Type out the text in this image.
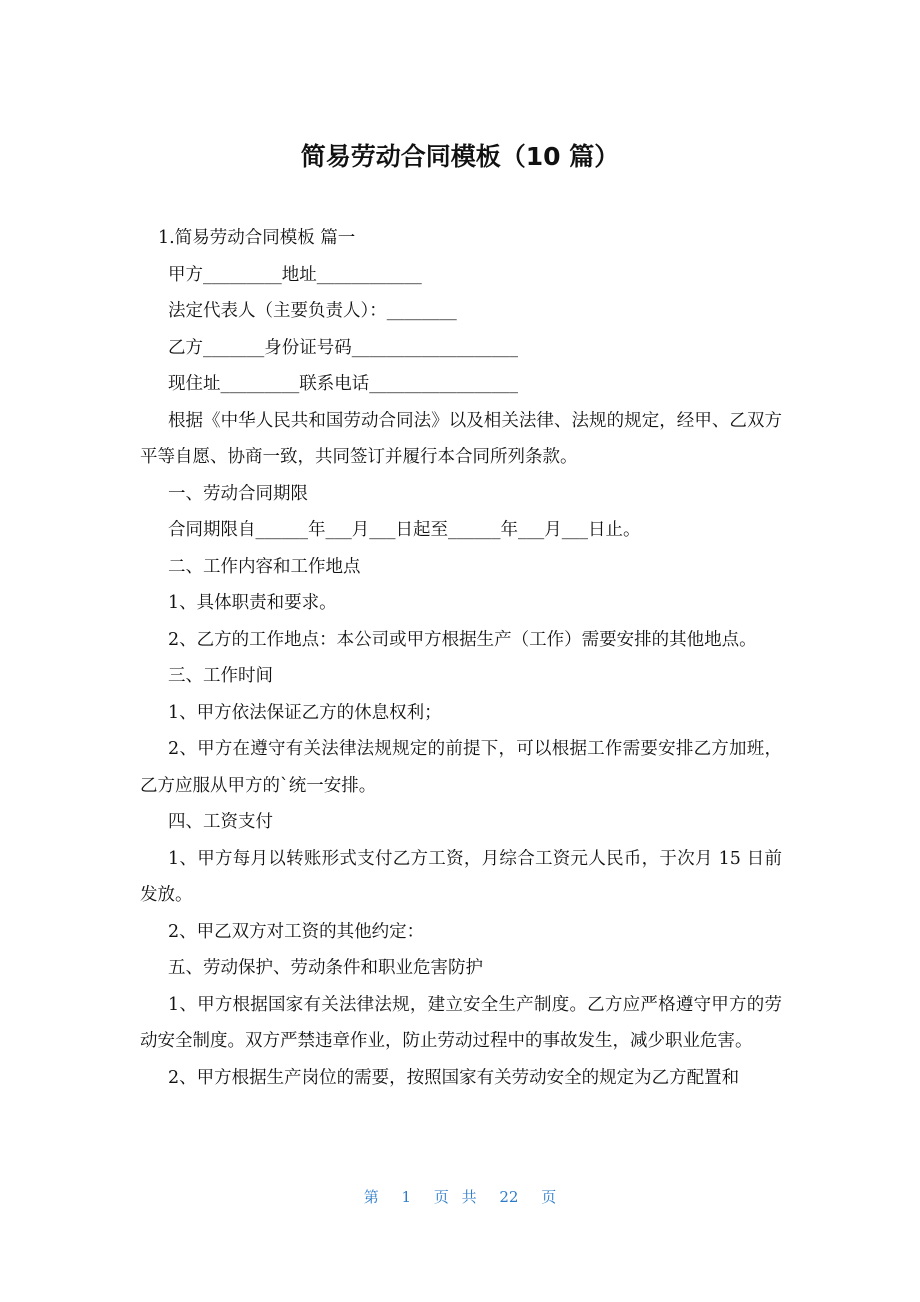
简易劳动合同模板（10 篇）

1.简易劳动合同模板 篇一

甲方_________地址____________

法定代表人（主要负责人）：________

乙方_______身份证号码___________________

现住址_________联系电话_________________

根据《中华人民共和国劳动合同法》以及相关法律、法规的规定，经甲、乙双方平等自愿、协商一致，共同签订并履行本合同所列条款。

一、劳动合同期限

合同期限自______年___月___日起至______年___月___日止。

二、工作内容和工作地点

1、具体职责和要求。

2、乙方的工作地点：本公司或甲方根据生产（工作）需要安排的其他地点。

三、工作时间

1、甲方依法保证乙方的休息权利；

2、甲方在遵守有关法律法规规定的前提下，可以根据工作需要安排乙方加班，乙方应服从甲方的`统一安排。

四、工资支付

1、甲方每月以转账形式支付乙方工资，月综合工资元人民币，于次月 15 日前发放。

2、甲乙双方对工资的其他约定：

五、劳动保护、劳动条件和职业危害防护

1、甲方根据国家有关法律法规，建立安全生产制度。乙方应严格遵守甲方的劳动安全制度。双方严禁违章作业，防止劳动过程中的事故发生，减少职业危害。

2、甲方根据生产岗位的需要，按照国家有关劳动安全的规定为乙方配置和

第 1 页 共 22 页
